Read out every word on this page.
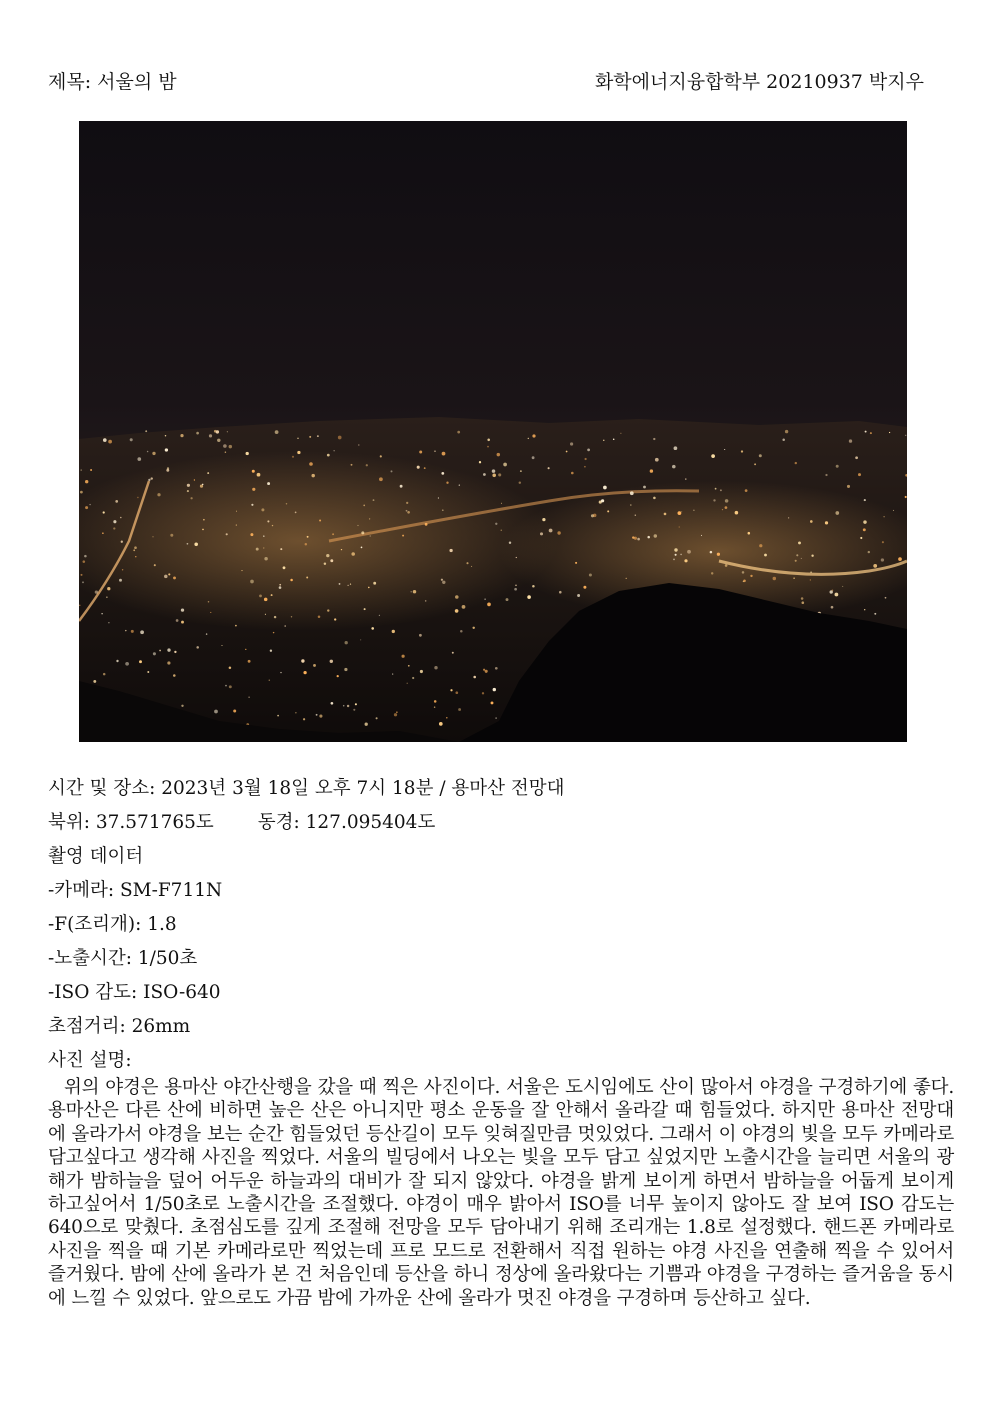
제목: 서울의 밤	화학에너지융합학부 20210937 박지우
시간 및 장소: 2023년 3월 18일 오후 7시 18분 / 용마산 전망대
북위: 37.571765도 동경: 127.095404도
촬영 데이터
-카메라: SM-F711N
-F(조리개): 1.8
-노출시간: 1/50초
-ISO 감도: ISO-640
초점거리: 26mm
사진 설명:
위의 야경은 용마산 야간산행을 갔을 때 찍은 사진이다. 서울은 도시임에도 산이 많아서 야경을 구경하기에 좋다. 용마산은 다른 산에 비하면 높은 산은 아니지만 평소 운동을 잘 안해서 올라갈 때 힘들었다. 하지만 용마산 전망대에 올라가서 야경을 보는 순간 힘들었던 등산길이 모두 잊혀질만큼 멋있었다. 그래서 이 야경의 빛을 모두 카메라로 담고싶다고 생각해 사진을 찍었다. 서울의 빌딩에서 나오는 빛을 모두 담고 싶었지만 노출시간을 늘리면 서울의 광해가 밤하늘을 덮어 어두운 하늘과의 대비가 잘 되지 않았다. 야경을 밝게 보이게 하면서 밤하늘을 어둡게 보이게 하고싶어서 1/50초로 노출시간을 조절했다. 야경이 매우 밝아서 ISO를 너무 높이지 않아도 잘 보여 ISO 감도는 640으로 맞췄다. 초점심도를 깊게 조절해 전망을 모두 담아내기 위해 조리개는 1.8로 설정했다. 핸드폰 카메라로 사진을 찍을 때 기본 카메라로만 찍었는데 프로 모드로 전환해서 직접 원하는 야경 사진을 연출해 찍을 수 있어서 즐거웠다. 밤에 산에 올라가 본 건 처음인데 등산을 하니 정상에 올라왔다는 기쁨과 야경을 구경하는 즐거움을 동시에 느낄 수 있었다. 앞으로도 가끔 밤에 가까운 산에 올라가 멋진 야경을 구경하며 등산하고 싶다.
